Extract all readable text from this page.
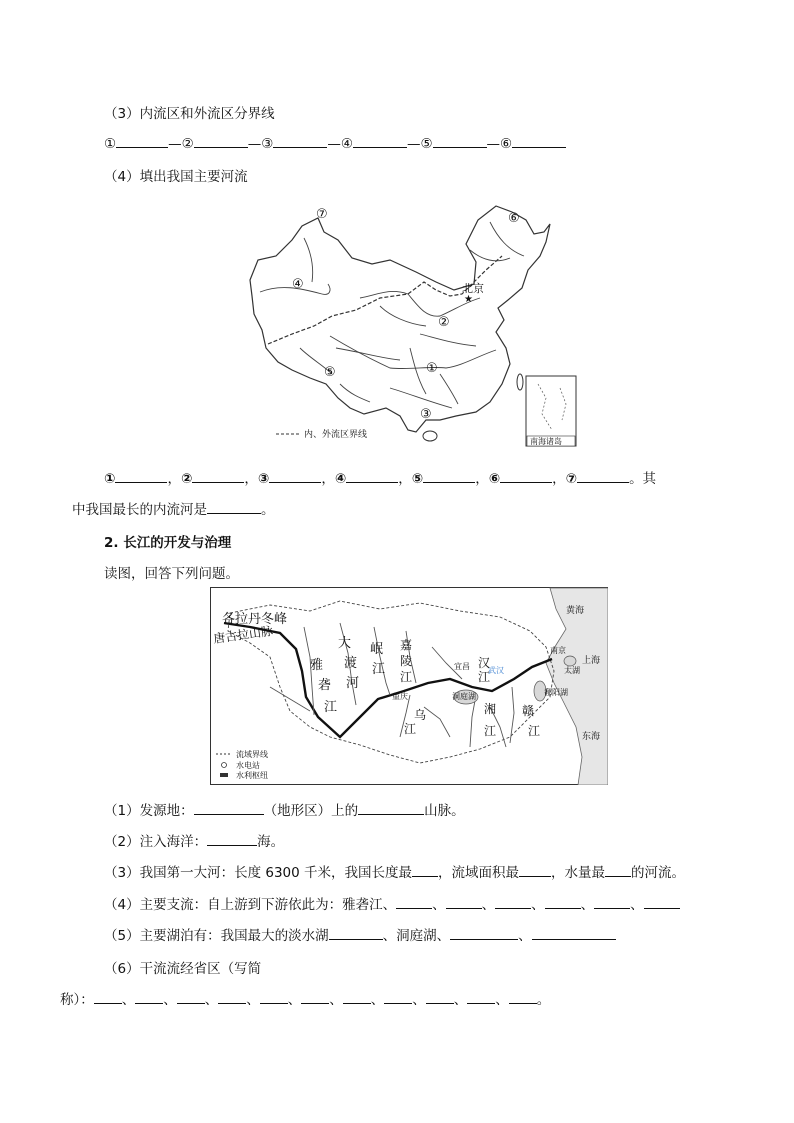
（3）内流区和外流区分界线
①	—②	—③	—④	—⑤	—⑥
（4）填出我国主要河流
★
⑦	⑥
④	北京
②
①
⑤
③
内、外流区界线
南海诸岛
①	，②	，③	，④	，⑤	，⑥	，⑦	。其
中我国最长的内流河是	。
2. 长江的开发与治理
读图，回答下列问题。
各拉丹冬峰
唐古拉山脉
雅
砻
江
大
渡
河
岷
江
嘉
陵
江
重庆
乌
江
宜昌 汉
武汉
江
洞庭湖
湘
江
赣
江
鄱阳湖
南京
太湖
上海
黄海
东海
流域界线
水电站
水利枢纽
（1）发源地：	（地形区）上的	山脉。
（2）注入海洋：	海。
（3）我国第一大河：长度 6300 千米，我国长度最 ，流域面积最 ，水量最 的河流。
（4）主要支流：自上游到下游依此为：雅砻江、	、	、	、	、	、
（5）主要湖泊有：我国最大的淡水湖	、洞庭湖、	、
（6）干流流经省区（写简
称）： 、 、 、 、 、 、 、 、 、 、 。
